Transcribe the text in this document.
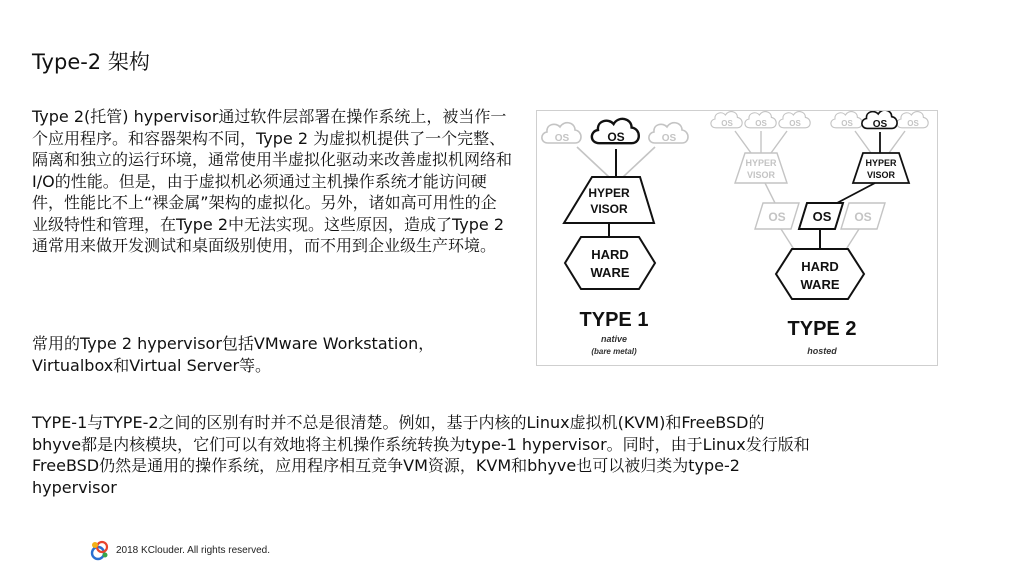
Type-2 架构

Type 2(托管) hypervisor通过软件层部署在操作系统上，被当作一个应用程序。和容器架构不同，Type 2 为虚拟机提供了一个完整、隔离和独立的运行环境，通常使用半虚拟化驱动来改善虚拟机网络和I/O的性能。但是，由于虚拟机必须通过主机操作系统才能访问硬件，性能比不上“裸金属”架构的虚拟化。另外，诸如高可用性的企业级特性和管理，在Type 2中无法实现。这些原因，造成了Type 2通常用来做开发测试和桌面级别使用，而不用到企业级生产环境。

常用的Type 2 hypervisor包括VMware Workstation，Virtualbox和Virtual Server等。

TYPE-1与TYPE-2之间的区别有时并不总是很清楚。例如，基于内核的Linux虚拟机(KVM)和FreeBSD的bhyve都是内核模块，它们可以有效地将主机操作系统转换为type-1 hypervisor。同时，由于Linux发行版和FreeBSD仍然是通用的操作系统，应用程序相互竞争VM资源，KVM和bhyve也可以被归类为type-2 hypervisor

OS	OS
OS
HYPER
VISOR
HARD
WARE
TYPE 1
native
(bare metal)
OS	OS	OS	OS	OS
HYPER
VISOR
OS	OS
OS
HYPER
VISOR
OS
HARD
WARE
TYPE 2
hosted
2018 KClouder. All rights reserved.
